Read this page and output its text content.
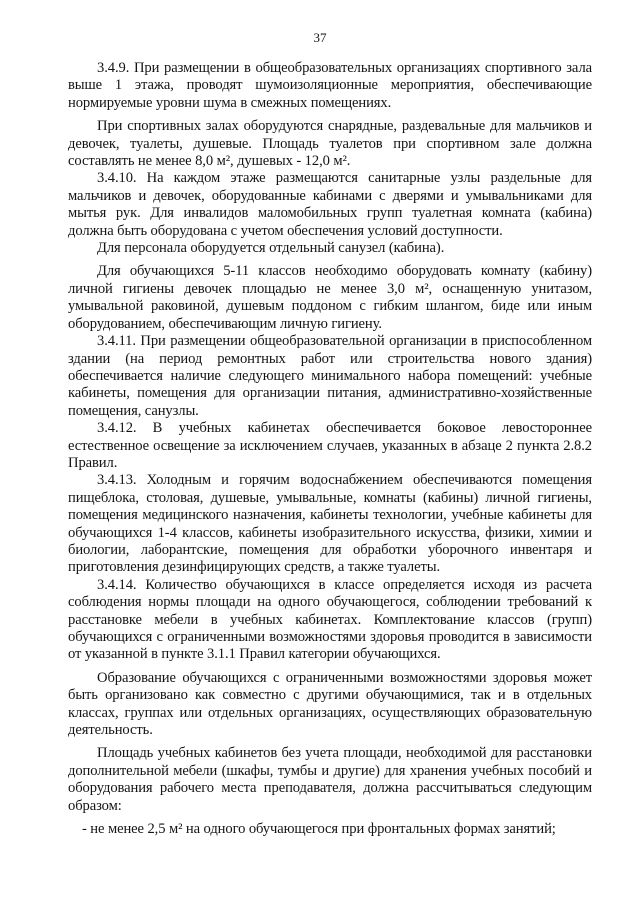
37

3.4.9. При размещении в общеобразовательных организациях спортивного зала выше 1 этажа, проводят шумоизоляционные мероприятия, обеспечивающие нормируемые уровни шума в смежных помещениях.

При спортивных залах оборудуются снарядные, раздевальные для мальчиков и девочек, туалеты, душевые. Площадь туалетов при спортивном зале должна составлять не менее 8,0 м², душевых - 12,0 м².

3.4.10. На каждом этаже размещаются санитарные узлы раздельные для мальчиков и девочек, оборудованные кабинами с дверями и умывальниками для мытья рук. Для инвалидов маломобильных групп туалетная комната (кабина) должна быть оборудована с учетом обеспечения условий доступности.

Для персонала оборудуется отдельный санузел (кабина).

Для обучающихся 5-11 классов необходимо оборудовать комнату (кабину) личной гигиены девочек площадью не менее 3,0 м², оснащенную унитазом, умывальной раковиной, душевым поддоном с гибким шлангом, биде или иным оборудованием, обеспечивающим личную гигиену.

3.4.11. При размещении общеобразовательной организации в приспособленном здании (на период ремонтных работ или строительства нового здания) обеспечивается наличие следующего минимального набора помещений: учебные кабинеты, помещения для организации питания, административно-хозяйственные помещения, санузлы.

3.4.12. В учебных кабинетах обеспечивается боковое левостороннее естественное освещение за исключением случаев, указанных в абзаце 2 пункта 2.8.2 Правил.

3.4.13. Холодным и горячим водоснабжением обеспечиваются помещения пищеблока, столовая, душевые, умывальные, комнаты (кабины) личной гигиены, помещения медицинского назначения, кабинеты технологии, учебные кабинеты для обучающихся 1-4 классов, кабинеты изобразительного искусства, физики, химии и биологии, лаборантские, помещения для обработки уборочного инвентаря и приготовления дезинфицирующих средств, а также туалеты.

3.4.14. Количество обучающихся в классе определяется исходя из расчета соблюдения нормы площади на одного обучающегося, соблюдении требований к расстановке мебели в учебных кабинетах. Комплектование классов (групп) обучающихся с ограниченными возможностями здоровья проводится в зависимости от указанной в пункте 3.1.1 Правил категории обучающихся.

Образование обучающихся с ограниченными возможностями здоровья может быть организовано как совместно с другими обучающимися, так и в отдельных классах, группах или отдельных организациях, осуществляющих образовательную деятельность.

Площадь учебных кабинетов без учета площади, необходимой для расстановки дополнительной мебели (шкафы, тумбы и другие) для хранения учебных пособий и оборудования рабочего места преподавателя, должна рассчитываться следующим образом:

- не менее 2,5 м² на одного обучающегося при фронтальных формах занятий;
